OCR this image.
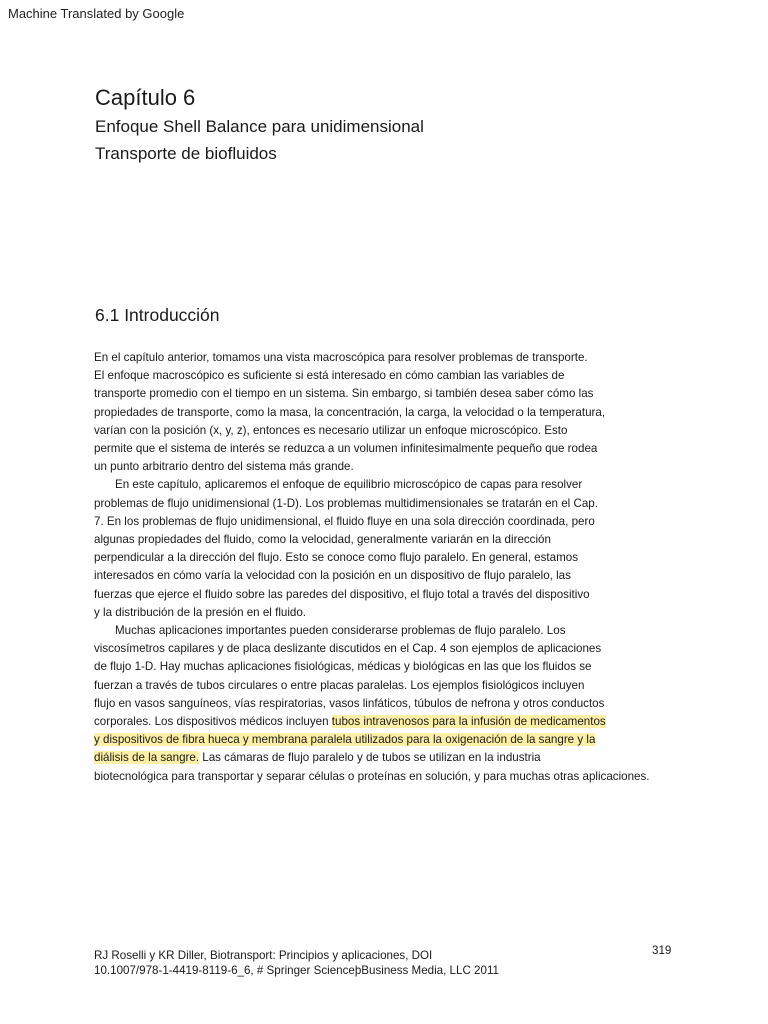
Machine Translated by Google
Capítulo 6
Enfoque Shell Balance para unidimensional
Transporte de biofluidos
6.1 Introducción
En el capítulo anterior, tomamos una vista macroscópica para resolver problemas de transporte.
El enfoque macroscópico es suficiente si está interesado en cómo cambian las variables de
transporte promedio con el tiempo en un sistema. Sin embargo, si también desea saber cómo las
propiedades de transporte, como la masa, la concentración, la carga, la velocidad o la temperatura,
varían con la posición (x, y, z), entonces es necesario utilizar un enfoque microscópico. Esto
permite que el sistema de interés se reduzca a un volumen infinitesimalmente pequeño que rodea
un punto arbitrario dentro del sistema más grande.
En este capítulo, aplicaremos el enfoque de equilibrio microscópico de capas para resolver
problemas de flujo unidimensional (1-D). Los problemas multidimensionales se tratarán en el Cap.
7. En los problemas de flujo unidimensional, el fluido fluye en una sola dirección coordinada, pero
algunas propiedades del fluido, como la velocidad, generalmente variarán en la dirección
perpendicular a la dirección del flujo. Esto se conoce como flujo paralelo. En general, estamos
interesados en cómo varía la velocidad con la posición en un dispositivo de flujo paralelo, las
fuerzas que ejerce el fluido sobre las paredes del dispositivo, el flujo total a través del dispositivo
y la distribución de la presión en el fluido.
Muchas aplicaciones importantes pueden considerarse problemas de flujo paralelo. Los
viscosímetros capilares y de placa deslizante discutidos en el Cap. 4 son ejemplos de aplicaciones
de flujo 1-D. Hay muchas aplicaciones fisiológicas, médicas y biológicas en las que los fluidos se
fuerzan a través de tubos circulares o entre placas paralelas. Los ejemplos fisiológicos incluyen
flujo en vasos sanguíneos, vías respiratorias, vasos linfáticos, túbulos de nefrona y otros conductos
corporales. Los dispositivos médicos incluyen tubos intravenosos para la infusión de medicamentos
y dispositivos de fibra hueca y membrana paralela utilizados para la oxigenación de la sangre y la
diálisis de la sangre. Las cámaras de flujo paralelo y de tubos se utilizan en la industria
biotecnológica para transportar y separar células o proteínas en solución, y para muchas otras aplicaciones.
RJ Roselli y KR Diller, Biotransport: Principios y aplicaciones, DOI
10.1007/978-1-4419-8119-6_6, # Springer ScienceþBusiness Media, LLC 2011
319
